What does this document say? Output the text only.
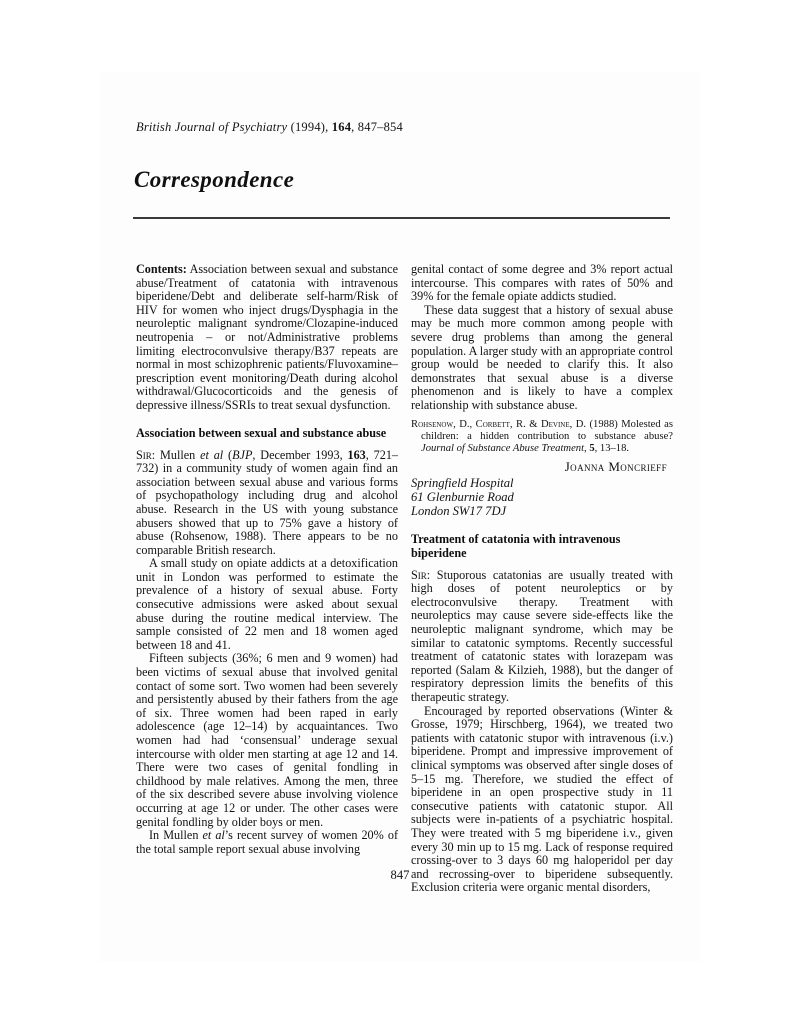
British Journal of Psychiatry (1994), 164, 847–854
Correspondence

Contents: Association between sexual and substance abuse/Treatment of catatonia with intravenous biperidene/Debt and deliberate self-harm/Risk of HIV for women who inject drugs/Dysphagia in the neuroleptic malignant syndrome/Clozapine-induced neutropenia – or not/Administrative problems limiting electroconvulsive therapy/B37 repeats are normal in most schizophrenic patients/Fluvoxamine–prescription event monitoring/Death during alcohol withdrawal/Glucocorticoids and the genesis of depressive illness/SSRIs to treat sexual dysfunction.

Association between sexual and substance abuse

Sir: Mullen et al (BJP, December 1993, 163, 721–732) in a community study of women again find an association between sexual abuse and various forms of psychopathology including drug and alcohol abuse. Research in the US with young substance abusers showed that up to 75% gave a history of abuse (Rohsenow, 1988). There appears to be no comparable British research.

A small study on opiate addicts at a detoxification unit in London was performed to estimate the prevalence of a history of sexual abuse. Forty consecutive admissions were asked about sexual abuse during the routine medical interview. The sample consisted of 22 men and 18 women aged between 18 and 41.

Fifteen subjects (36%; 6 men and 9 women) had been victims of sexual abuse that involved genital contact of some sort. Two women had been severely and persistently abused by their fathers from the age of six. Three women had been raped in early adolescence (age 12–14) by acquaintances. Two women had had ‘consensual’ underage sexual intercourse with older men starting at age 12 and 14. There were two cases of genital fondling in childhood by male relatives. Among the men, three of the six described severe abuse involving violence occurring at age 12 or under. The other cases were genital fondling by older boys or men.

In Mullen et al’s recent survey of women 20% of the total sample report sexual abuse involving

genital contact of some degree and 3% report actual intercourse. This compares with rates of 50% and 39% for the female opiate addicts studied.

These data suggest that a history of sexual abuse may be much more common among people with severe drug problems than among the general population. A larger study with an appropriate control group would be needed to clarify this. It also demonstrates that sexual abuse is a diverse phenomenon and is likely to have a complex relationship with substance abuse.

Rohsenow, D., Corbett, R. & Devine, D. (1988) Molested as children: a hidden contribution to substance abuse? Journal of Substance Abuse Treatment, 5, 13–18.

Joanna Moncrieff

Springfield Hospital
61 Glenburnie Road
London SW17 7DJ
Treatment of catatonia with intravenous biperidene

Sir: Stuporous catatonias are usually treated with high doses of potent neuroleptics or by electroconvulsive therapy. Treatment with neuroleptics may cause severe side-effects like the neuroleptic malignant syndrome, which may be similar to catatonic symptoms. Recently successful treatment of catatonic states with lorazepam was reported (Salam & Kilzieh, 1988), but the danger of respiratory depression limits the benefits of this therapeutic strategy.

Encouraged by reported observations (Winter & Grosse, 1979; Hirschberg, 1964), we treated two patients with catatonic stupor with intravenous (i.v.) biperidene. Prompt and impressive improvement of clinical symptoms was observed after single doses of 5–15 mg. Therefore, we studied the effect of biperidene in an open prospective study in 11 consecutive patients with catatonic stupor. All subjects were in-patients of a psychiatric hospital. They were treated with 5 mg biperidene i.v., given every 30 min up to 15 mg. Lack of response required crossing-over to 3 days 60 mg haloperidol per day and recrossing-over to biperidene subsequently. Exclusion criteria were organic mental disorders,

847
